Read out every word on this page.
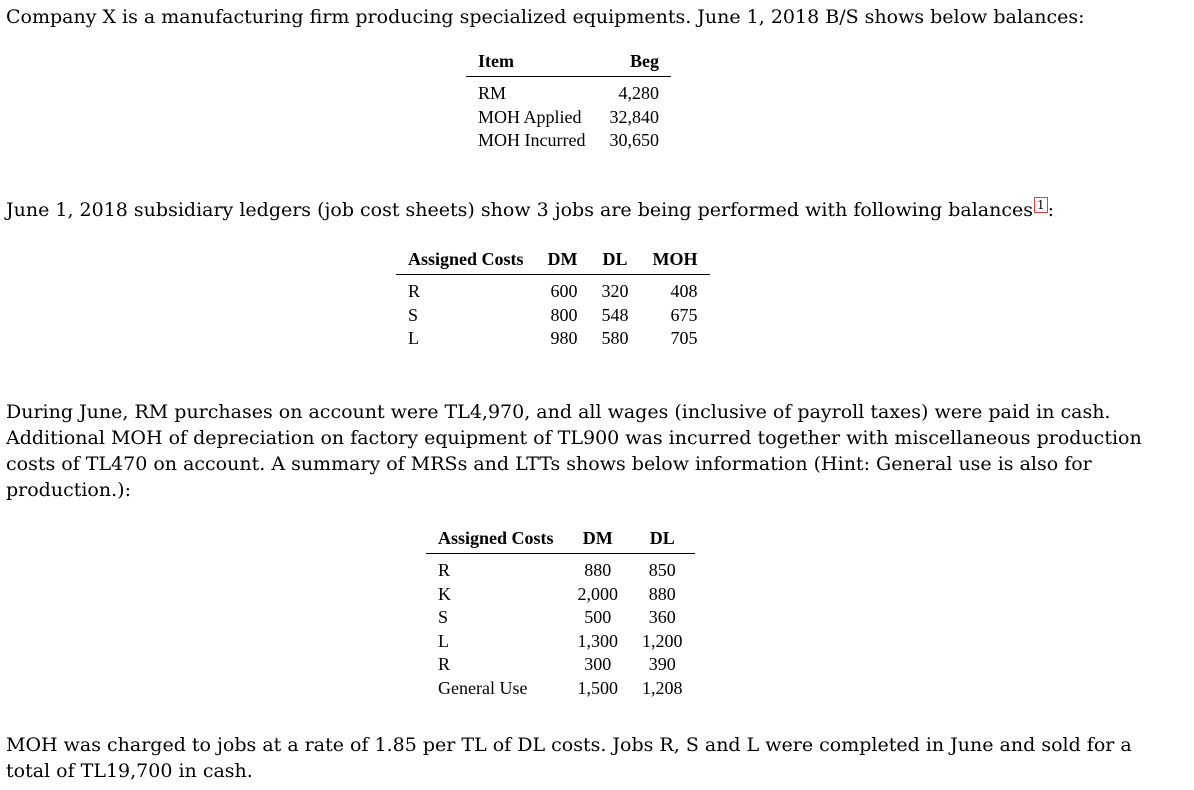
Company X is a manufacturing firm producing specialized equipments. June 1, 2018 B/S shows below balances:

Item	Beg
RM	4,280
MOH Applied	32,840
MOH Incurred	30,650

June 1, 2018 subsidiary ledgers (job cost sheets) show 3 jobs are being performed with following balances 1 :

Assigned Costs	DM	DL	MOH
R	600	320	408
S	800	548	675
L	980	580	705
During June, RM purchases on account were TL4,970, and all wages (inclusive of payroll taxes) were paid in cash.
Additional MOH of depreciation on factory equipment of TL900 was incurred together with miscellaneous production
costs of TL470 on account. A summary of MRSs and LTTs shows below information (Hint: General use is also for
production.):
Assigned Costs	DM	DL
R	880	850
K	2,000	880
S	500	360
L	1,300	1,200
R	300	390
General Use	1,500	1,208
MOH was charged to jobs at a rate of 1.85 per TL of DL costs. Jobs R, S and L were completed in June and sold for a
total of TL19,700 in cash.
